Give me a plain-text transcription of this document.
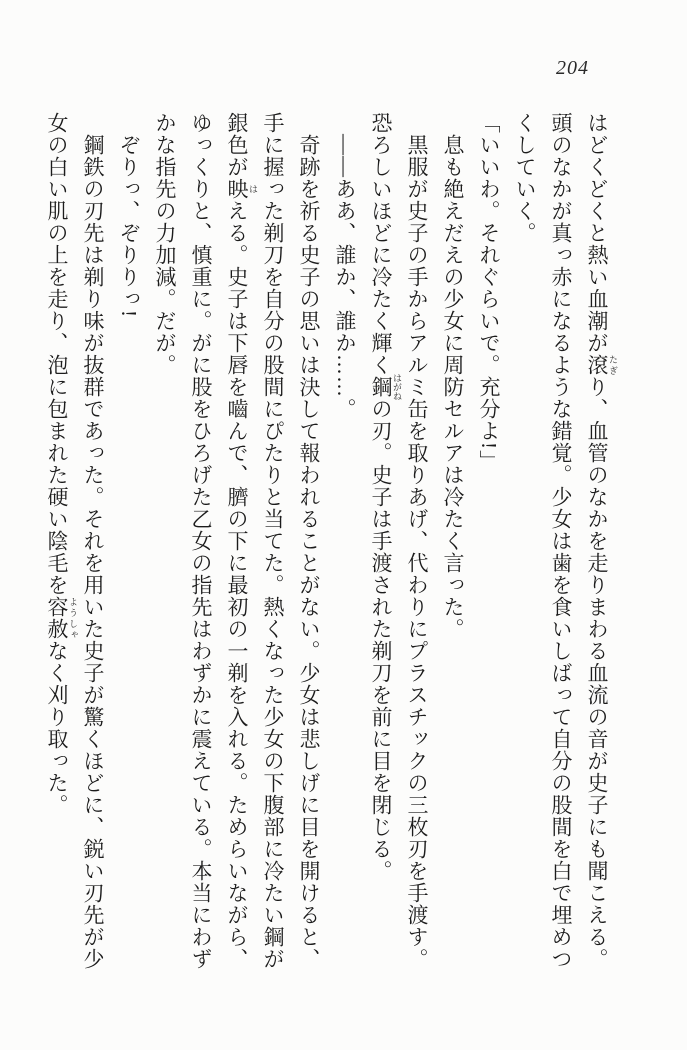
204

はどくどくと熱い血潮が滾 たぎり、血管のなかを走りまわる血流の音が史子にも聞こえる。頭のなかが真っ赤になるような錯覚。少女は歯を食いしばって自分の股間を白で埋めつくしていく。

「いいわ。それぐらいで。充分よ!」

息も絶えだえの少女に周防セルアは冷たく言った。

黒服が史子の手からアルミ缶を取りあげ、代わりにプラスチックの三枚刃を手渡す。恐ろしいほどに冷たく輝く鋼 はがねの刃。史子は手渡された剃刀を前に目を閉じる。

――ああ、誰か、誰か……。

奇跡を祈る史子の思いは決して報われることがない。少女は悲しげに目を開けると、手に握った剃刀を自分の股間にぴたりと当てた。熱くなった少女の下腹部に冷たい鋼が銀色が映 はえる。史子は下唇を嚙んで、臍の下に最初の一剃を入れる。ためらいながら、ゆっくりと、慎重に。がに股をひろげた乙女の指先はわずかに震えている。本当にわずかな指先の力加減。だが。

ぞりっ、ぞりりっ!

鋼鉄の刃先は剃り味が抜群であった。それを用いた史子が驚くほどに、鋭い刃先が少女の白い肌の上を走り、泡に包まれた硬い陰毛を容赦 ようしゃなく刈り取った。
